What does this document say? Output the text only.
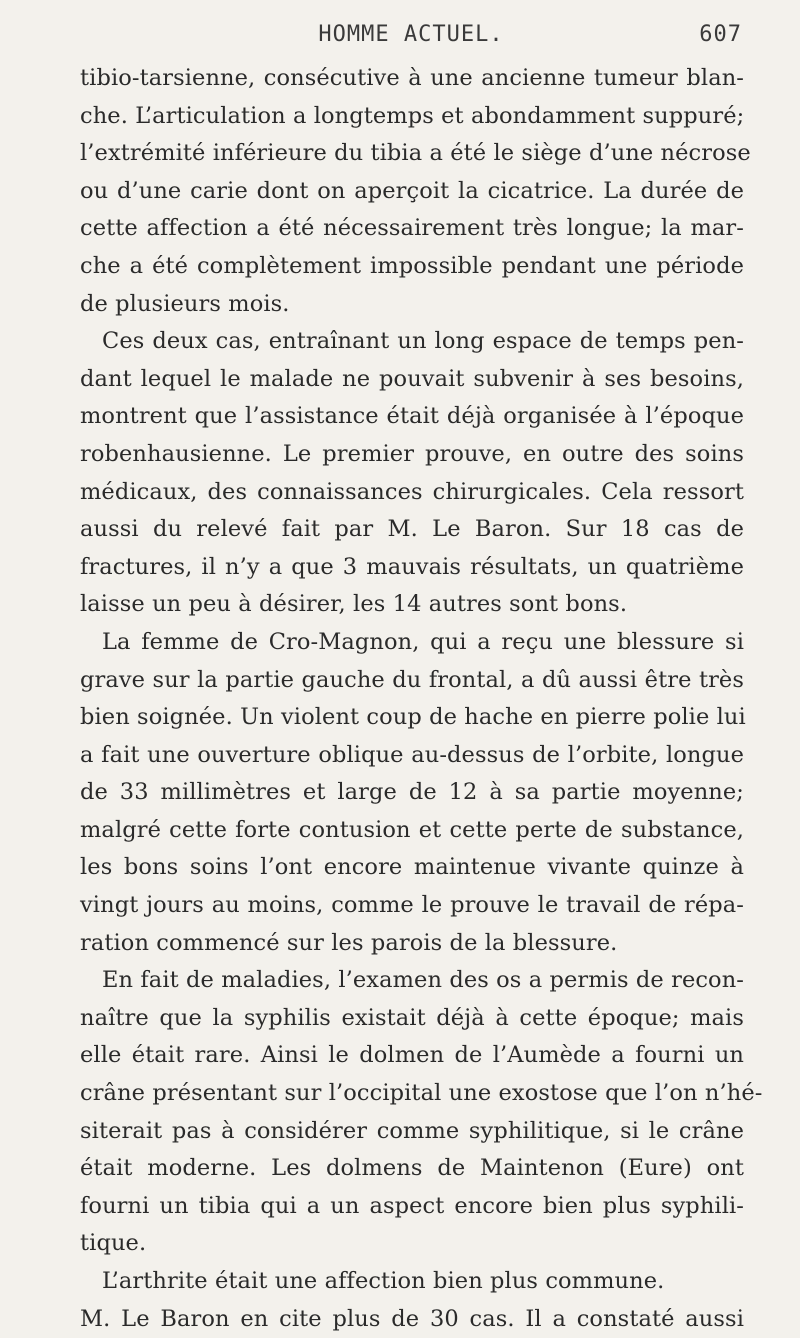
HOMME ACTUEL.	607
tibio-tarsienne, consécutive à une ancienne tumeur blan-
che. L’articulation a longtemps et abondamment suppuré;
l’extrémité inférieure du tibia a été le siège d’une nécrose
ou d’une carie dont on aperçoit la cicatrice. La durée de
cette affection a été nécessairement très longue; la mar-
che a été complètement impossible pendant une période
de plusieurs mois.
Ces deux cas, entraînant un long espace de temps pen-
dant lequel le malade ne pouvait subvenir à ses besoins,
montrent que l’assistance était déjà organisée à l’époque
robenhausienne. Le premier prouve, en outre des soins
médicaux, des connaissances chirurgicales. Cela ressort
aussi du relevé fait par M. Le Baron. Sur 18 cas de
fractures, il n’y a que 3 mauvais résultats, un quatrième
laisse un peu à désirer, les 14 autres sont bons.
La femme de Cro-Magnon, qui a reçu une blessure si
grave sur la partie gauche du frontal, a dû aussi être très
bien soignée. Un violent coup de hache en pierre polie lui
a fait une ouverture oblique au-dessus de l’orbite, longue
de 33 millimètres et large de 12 à sa partie moyenne;
malgré cette forte contusion et cette perte de substance,
les bons soins l’ont encore maintenue vivante quinze à
vingt jours au moins, comme le prouve le travail de répa-
ration commencé sur les parois de la blessure.
En fait de maladies, l’examen des os a permis de recon-
naître que la syphilis existait déjà à cette époque; mais
elle était rare. Ainsi le dolmen de l’Aumède a fourni un
crâne présentant sur l’occipital une exostose que l’on n’hé-
siterait pas à considérer comme syphilitique, si le crâne
était moderne. Les dolmens de Maintenon (Eure) ont
fourni un tibia qui a un aspect encore bien plus syphili-
tique.
L’arthrite était une affection bien plus commune.
M. Le Baron en cite plus de 30 cas. Il a constaté aussi
